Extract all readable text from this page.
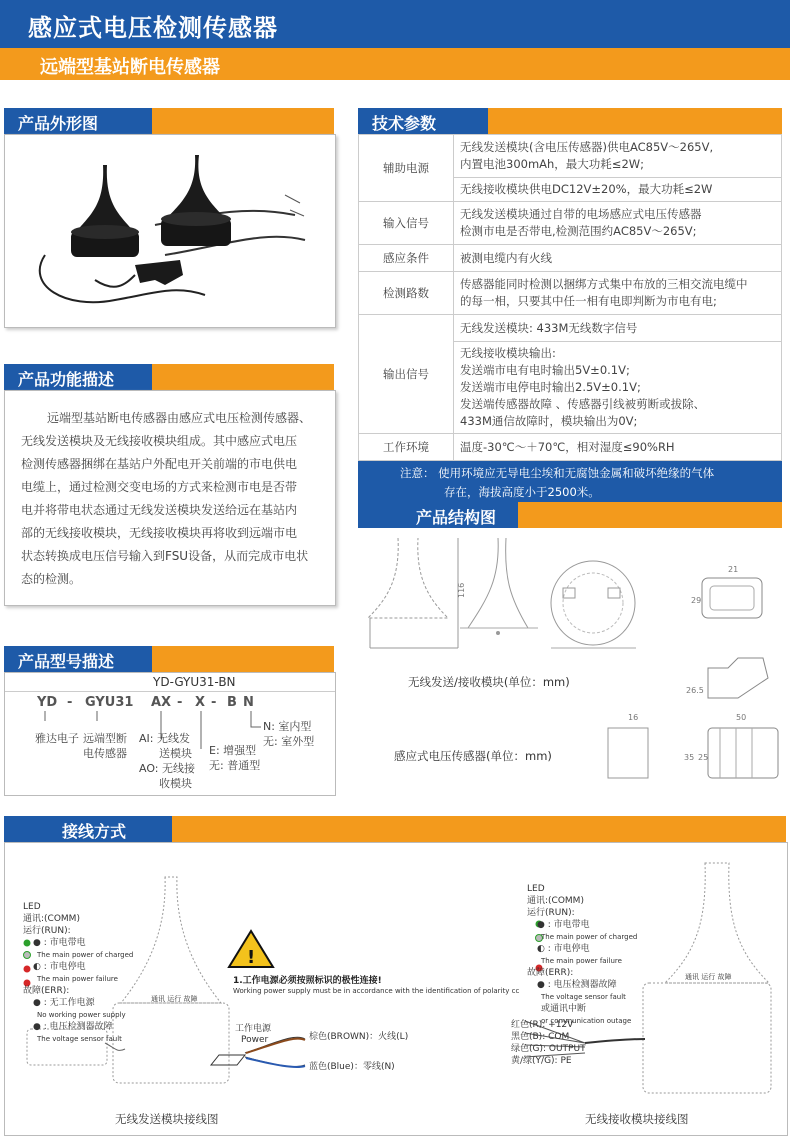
感应式电压检测传感器
远端型基站断电传感器
产品外形图	技术参数
辅助电源	无线发送模块(含电压传感器)供电AC85V～265V,
内置电池300mAh，最大功耗≤2W;

	无线接收模块供电DC12V±20%，最大功耗≤2W
输入信号	无线发送模块通过自带的电场感应式电压传感器
检测市电是否带电,检测范围约AC85V～265V;

感应条件	被测电缆内有火线
检测路数	传感器能同时检测以捆绑方式集中布放的三相交流电缆中
的每一相，只要其中任一相有电即判断为市电有电;

输出信号	无线发送模块: 433M无线数字信号

	无线接收模块输出:
发送端市电有电时输出5V±0.1V;
发送端市电停电时输出2.5V±0.1V;
发送端传感器故障 、传感器引线被剪断或拔除、
433M通信故障时，模块输出为0V;

工作环境	温度-30℃～＋70℃，相对湿度≤90%RH
注意： 使用环境应无导电尘埃和无腐蚀金属和破坏绝缘的气体
存在，海拔高度小于2500米。
产品功能描述
远端型基站断电传感器由感应式电压检测传感器、
无线发送模块及无线接收模块组成。其中感应式电压
检测传感器捆绑在基站户外配电开关前端的市电供电
电缆上，通过检测交变电场的方式来检测市电是否带
电并将带电状态通过无线发送模块发送给远在基站内
部的无线接收模块，无线接收模块再将收到远端市电
状态转换成电压信号输入到FSU设备，从而完成市电状
态的检测。
产品结构图
116
21
29
26.5
16	50
35 25
无线发送/接收模块(单位：mm)
感应式电压传感器(单位：mm)
产品型号描述
YD-GYU31-BN
YD - GYU31 AX - X - B N
雅达电子 远端型断
电传感器
AI: 无线发
送模块
AO: 无线接
收模块
E: 增强型
无: 普通型
N: 室内型
无: 室外型
接线方式
!
LED
通讯:(COMM)
运行(RUN):
● : 市电带电
The main power of charged
◐ : 市电停电
The main power failure
故障(ERR):
● : 无工作电源
No working power supply
● : 电压检测器故障
The voltage sensor fault
通讯 运行 故障
1.工作电源必须按照标识的极性连接!
Working power supply must be in accordance with the identification of polarity cc
工作电源
Power	棕色(BROWN)：火线(L)
蓝色(Blue)：零线(N)
LED
通讯:(COMM)
运行(RUN):
● : 市电带电
The main power of charged
◐ : 市电停电
The main power failure
故障(ERR):
● : 电压检测器故障
The voltage sensor fault
或通讯中断
or communication outage
通讯 运行 故障
红色(R): +12V
黑色(B): COM
绿色(G): OUTPUT
黄/绿(Y/G): PE
无线发送模块接线图	无线接收模块接线图
